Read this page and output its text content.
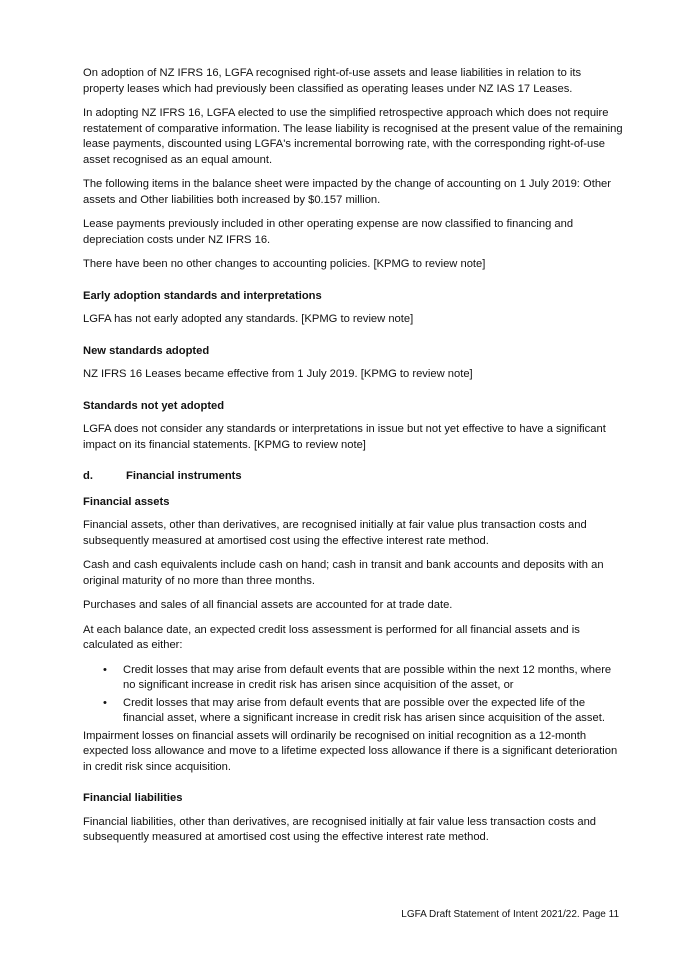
On adoption of NZ IFRS 16, LGFA recognised right-of-use assets and lease liabilities in relation to its property leases which had previously been classified as operating leases under NZ IAS 17 Leases.

In adopting NZ IFRS 16, LGFA elected to use the simplified retrospective approach which does not require restatement of comparative information. The lease liability is recognised at the present value of the remaining lease payments, discounted using LGFA's incremental borrowing rate, with the corresponding right-of-use asset recognised as an equal amount.

The following items in the balance sheet were impacted by the change of accounting on 1 July 2019: Other assets and Other liabilities both increased by $0.157 million.

Lease payments previously included in other operating expense are now classified to financing and depreciation costs under NZ IFRS 16.

There have been no other changes to accounting policies. [KPMG to review note]

Early adoption standards and interpretations

LGFA has not early adopted any standards. [KPMG to review note]

New standards adopted

NZ IFRS 16 Leases became effective from 1 July 2019. [KPMG to review note]

Standards not yet adopted

LGFA does not consider any standards or interpretations in issue but not yet effective to have a significant impact on its financial statements. [KPMG to review note]

d.	Financial instruments
Financial assets

Financial assets, other than derivatives, are recognised initially at fair value plus transaction costs and subsequently measured at amortised cost using the effective interest rate method.

Cash and cash equivalents include cash on hand; cash in transit and bank accounts and deposits with an original maturity of no more than three months.

Purchases and sales of all financial assets are accounted for at trade date.

At each balance date, an expected credit loss assessment is performed for all financial assets and is calculated as either:

• Credit losses that may arise from default events that are possible within the next 12 months, where no significant increase in credit risk has arisen since acquisition of the asset, or
• Credit losses that may arise from default events that are possible over the expected life of the financial asset, where a significant increase in credit risk has arisen since acquisition of the asset.

Impairment losses on financial assets will ordinarily be recognised on initial recognition as a 12-month expected loss allowance and move to a lifetime expected loss allowance if there is a significant deterioration in credit risk since acquisition.

Financial liabilities

Financial liabilities, other than derivatives, are recognised initially at fair value less transaction costs and subsequently measured at amortised cost using the effective interest rate method.

LGFA Draft Statement of Intent 2021/22. Page 11
